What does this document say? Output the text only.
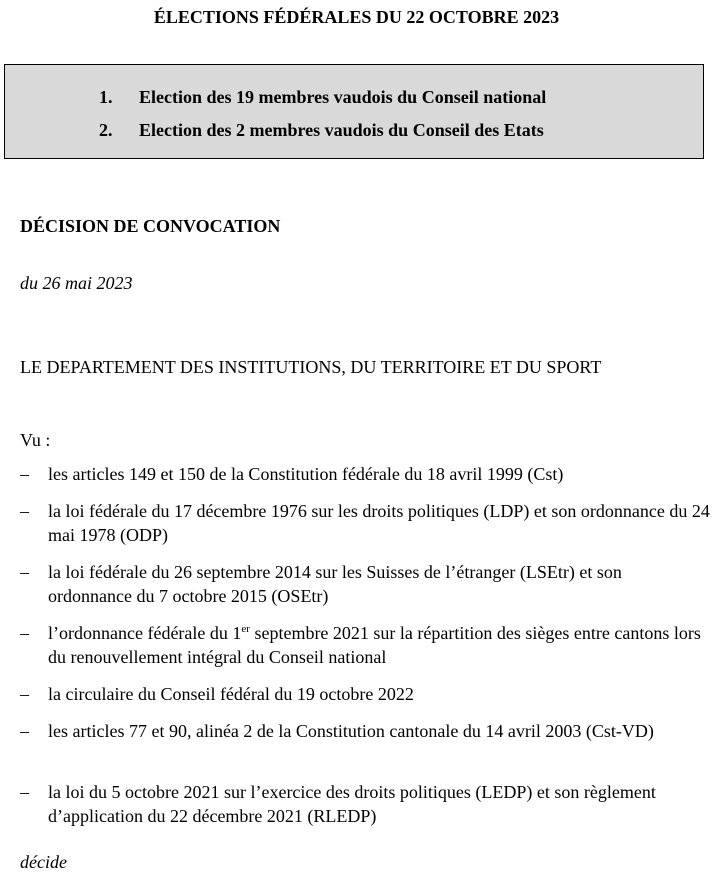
ÉLECTIONS FÉDÉRALES DU 22 OCTOBRE 2023
1. Election des 19 membres vaudois du Conseil national
2. Election des 2 membres vaudois du Conseil des Etats
DÉCISION DE CONVOCATION
du 26 mai 2023
LE DEPARTEMENT DES INSTITUTIONS, DU TERRITOIRE ET DU SPORT
Vu :
– les articles 149 et 150 de la Constitution fédérale du 18 avril 1999 (Cst)
– la loi fédérale du 17 décembre 1976 sur les droits politiques (LDP) et son ordonnance du 24 mai 1978 (ODP)
– la loi fédérale du 26 septembre 2014 sur les Suisses de l’étranger (LSEtr) et son ordonnance du 7 octobre 2015 (OSEtr)
– l’ordonnance fédérale du 1er septembre 2021 sur la répartition des sièges entre cantons lors du renouvellement intégral du Conseil national
– la circulaire du Conseil fédéral du 19 octobre 2022
– les articles 77 et 90, alinéa 2 de la Constitution cantonale du 14 avril 2003 (Cst-VD)
– la loi du 5 octobre 2021 sur l’exercice des droits politiques (LEDP) et son règlement d’application du 22 décembre 2021 (RLEDP)
décide
